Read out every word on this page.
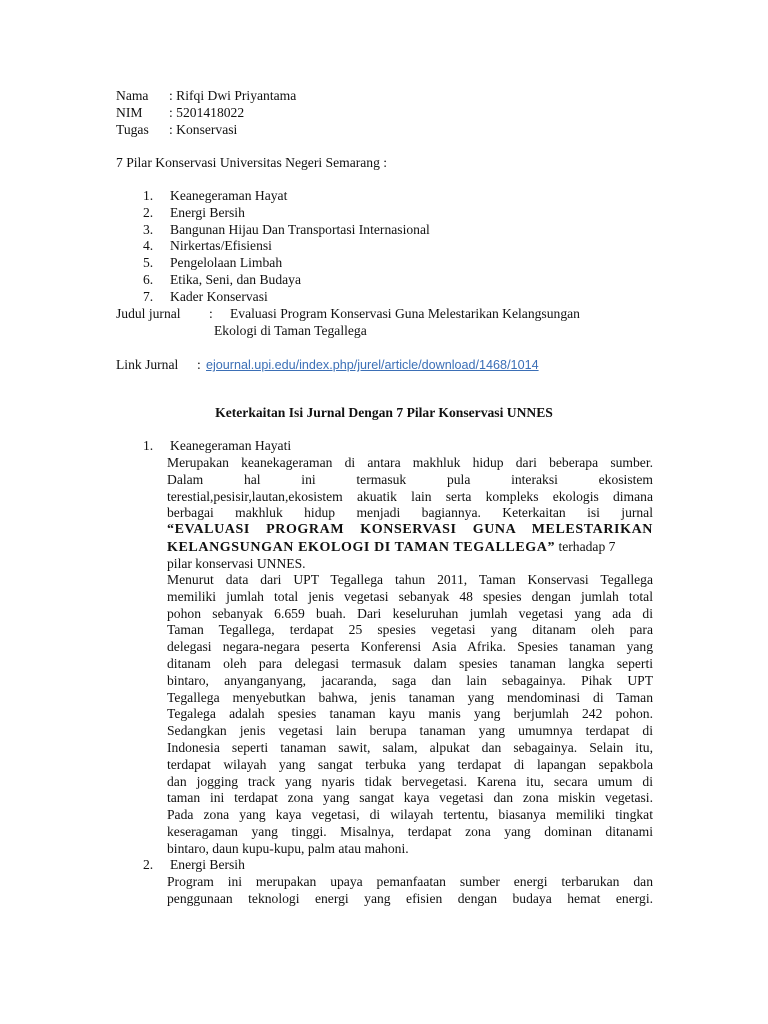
Nama : Rifqi Dwi Priyantama
NIM : 5201418022
Tugas : Konservasi
7 Pilar Konservasi Universitas Negeri Semarang :
1. Keanegeraman Hayat
2. Energi Bersih
3. Bangunan Hijau Dan Transportasi Internasional
4. Nirkertas/Efisiensi
5. Pengelolaan Limbah
6. Etika, Seni, dan Budaya
7. Kader Konservasi
Judul jurnal : Evaluasi Program Konservasi Guna Melestarikan Kelangsungan
Ekologi di Taman Tegallega
Link Jurnal : ejournal.upi.edu/index.php/jurel/article/download/1468/1014
Keterkaitan Isi Jurnal Dengan 7 Pilar Konservasi UNNES
1. Keanegeraman Hayati
Merupakan keanekageraman di antara makhluk hidup dari beberapa sumber.
Dalam hal ini termasuk pula interaksi ekosistem
terestial,pesisir,lautan,ekosistem akuatik lain serta kompleks ekologis dimana
berbagai makhluk hidup menjadi bagiannya. Keterkaitan isi jurnal
“EVALUASI PROGRAM KONSERVASI GUNA MELESTARIKAN
KELANGSUNGAN EKOLOGI DI TAMAN TEGALLEGA” terhadap 7
pilar konservasi UNNES.
Menurut data dari UPT Tegallega tahun 2011, Taman Konservasi Tegallega
memiliki jumlah total jenis vegetasi sebanyak 48 spesies dengan jumlah total
pohon sebanyak 6.659 buah. Dari keseluruhan jumlah vegetasi yang ada di
Taman Tegallega, terdapat 25 spesies vegetasi yang ditanam oleh para
delegasi negara-negara peserta Konferensi Asia Afrika. Spesies tanaman yang
ditanam oleh para delegasi termasuk dalam spesies tanaman langka seperti
bintaro, anyanganyang, jacaranda, saga dan lain sebagainya. Pihak UPT
Tegallega menyebutkan bahwa, jenis tanaman yang mendominasi di Taman
Tegalega adalah spesies tanaman kayu manis yang berjumlah 242 pohon.
Sedangkan jenis vegetasi lain berupa tanaman yang umumnya terdapat di
Indonesia seperti tanaman sawit, salam, alpukat dan sebagainya. Selain itu,
terdapat wilayah yang sangat terbuka yang terdapat di lapangan sepakbola
dan jogging track yang nyaris tidak bervegetasi. Karena itu, secara umum di
taman ini terdapat zona yang sangat kaya vegetasi dan zona miskin vegetasi.
Pada zona yang kaya vegetasi, di wilayah tertentu, biasanya memiliki tingkat
keseragaman yang tinggi. Misalnya, terdapat zona yang dominan ditanami
bintaro, daun kupu-kupu, palm atau mahoni.
2. Energi Bersih
Program ini merupakan upaya pemanfaatan sumber energi terbarukan dan
penggunaan teknologi energi yang efisien dengan budaya hemat energi.
